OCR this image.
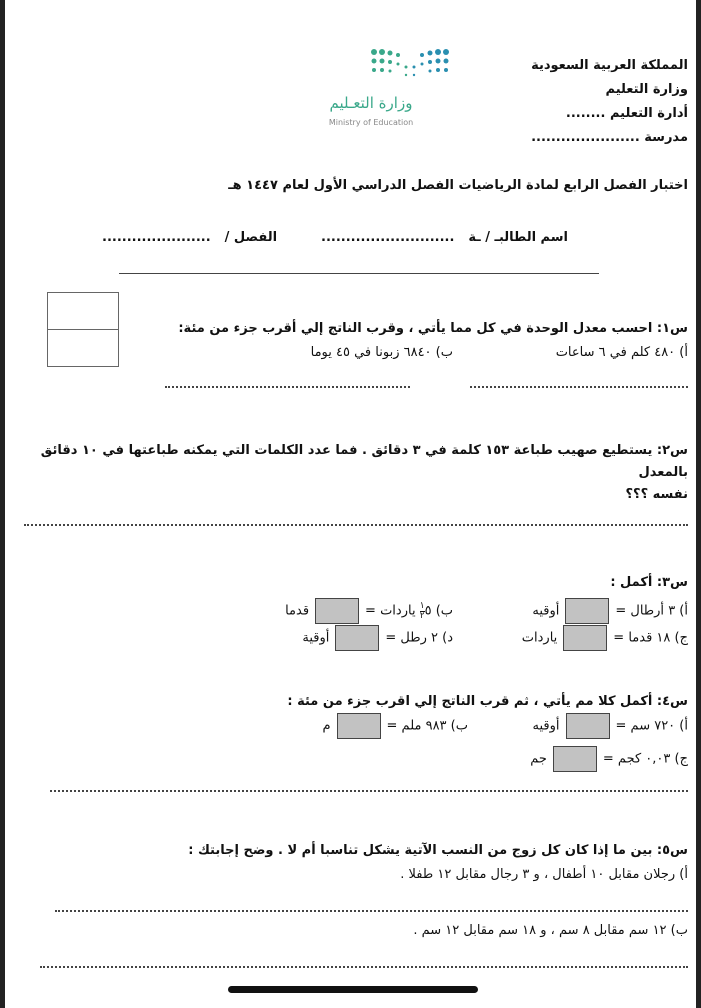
المملكة العربية السعودية
وزارة التعليم
أدارة التعليم ........
مدرسة ......................
وزارة التعـليم
Ministry of Education
اختبار الفصل الرابع لمادة الرياضيات الفصل الدراسي الأول لعام ١٤٤٧ هـ
اسم الطالبـ / ـة
...........................
الفصل /
......................
س١: احسب معدل الوحدة في كل مما يأتي ، وقرب الناتج إلي أقرب جزء من مئة:
أ) ٤٨٠ كلم في ٦ ساعات
ب) ٦٨٤٠ زبونا في ٤٥ يوما
س٢: يستطيع صهيب طباعة ١٥٣ كلمة في ٣ دقائق . فما عدد الكلمات التي يمكنه طباعتها في ١٠ دقائق بالمعدل
نفسه ؟؟؟
س٣: أكمل :
أ) ٣ أرطال =أوقيه
ب) ٥
$\frac{١}{٢}$
ياردات =قدما
ج) ١٨ قدما =ياردات
د) ٢ رطل =أوقية
س٤: أكمل كلا مم يأتي ، ثم قرب الناتج إلي اقرب جزء من مئة :
أ) ٧٢٠ سم =أوقيه
ب) ٩٨٣ ملم =م
ج) ٠,٠٣ كجم =جم
س٥: بين ما إذا كان كل زوج من النسب الآتية يشكل تناسبا أم لا . وضح إجابتك :
أ) رجلان مقابل ١٠ أطفال ، و ٣ رجال مقابل ١٢ طفلا .
ب) ١٢ سم مقابل ٨ سم ، و ١٨ سم مقابل ١٢ سم .
